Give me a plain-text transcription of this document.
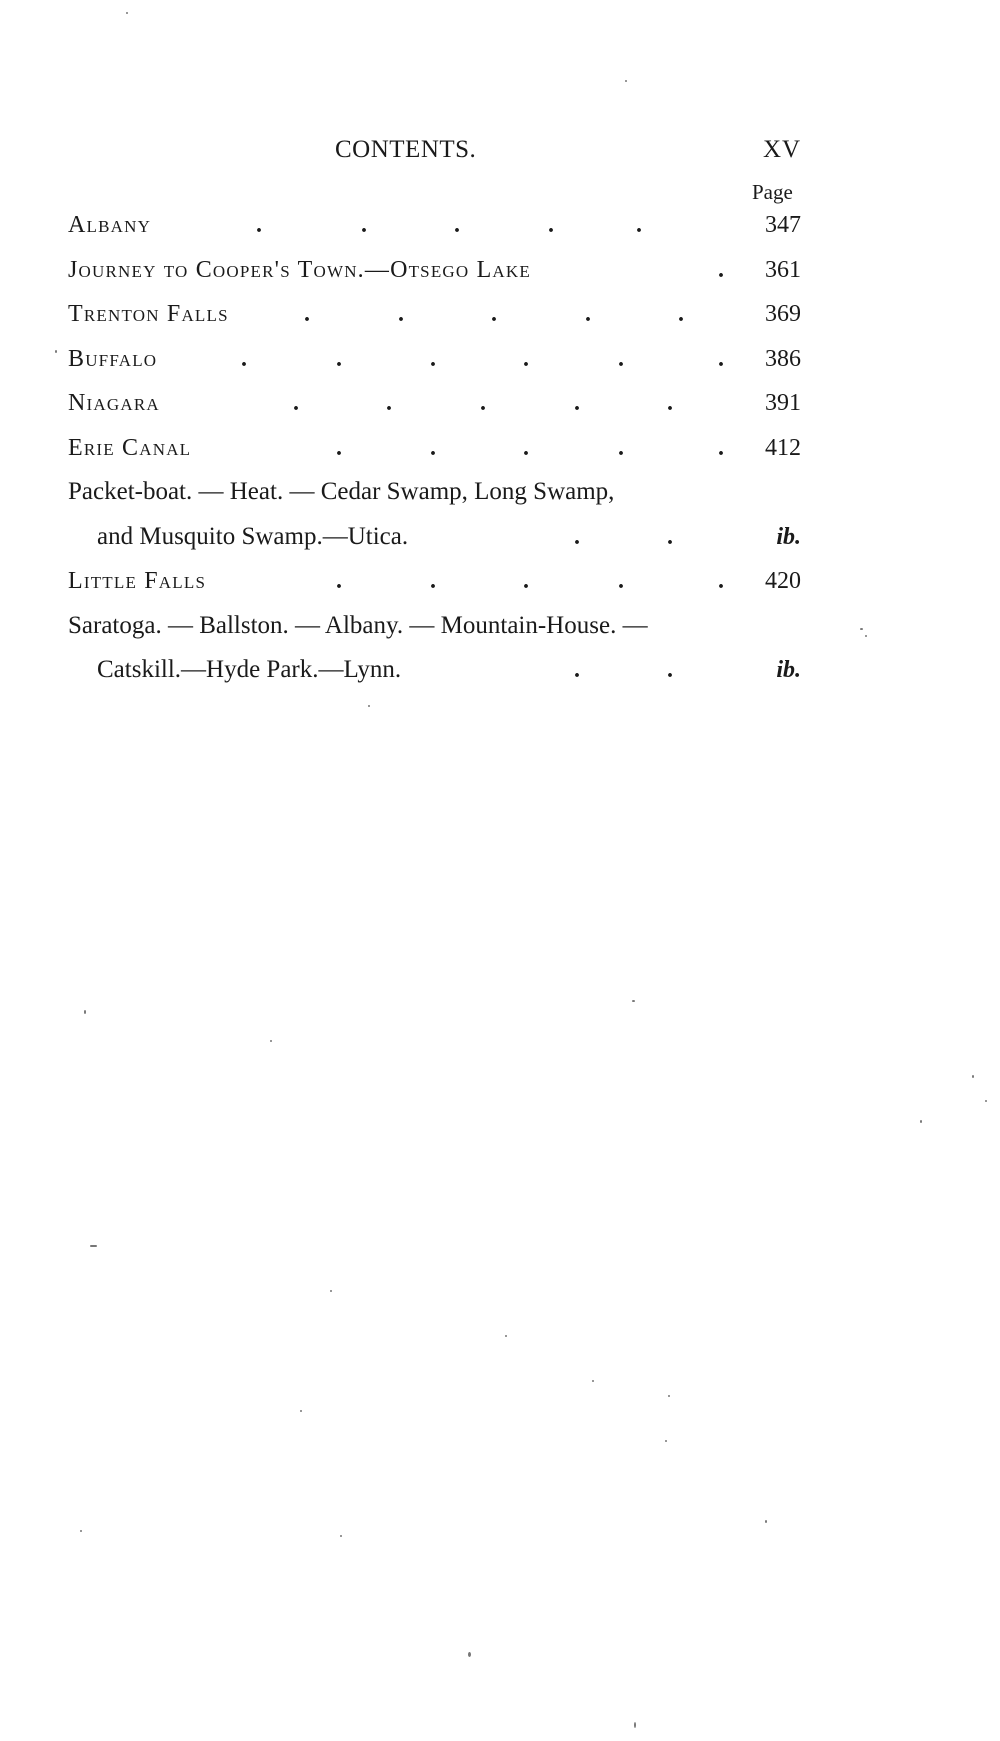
CONTENTS.	XV
Page
Albany	.	.	.	.	.	347
Journey to Cooper's Town.—Otsego Lake	. 361
Trenton Falls	.	.	.	.	.	369
Buffalo	.	.	.	.	.	. 386
Niagara	.	.	.	.	.	391
Erie Canal	.	.	.	.	. 412
Packet-boat. — Heat. — Cedar Swamp, Long Swamp,
and Musquito Swamp.—Utica.	.	.	ib.
Little Falls	.	.	.	.	. 420
Saratoga. — Ballston. — Albany. — Mountain-House. —
Catskill.—Hyde Park.—Lynn.	.	.	ib.
